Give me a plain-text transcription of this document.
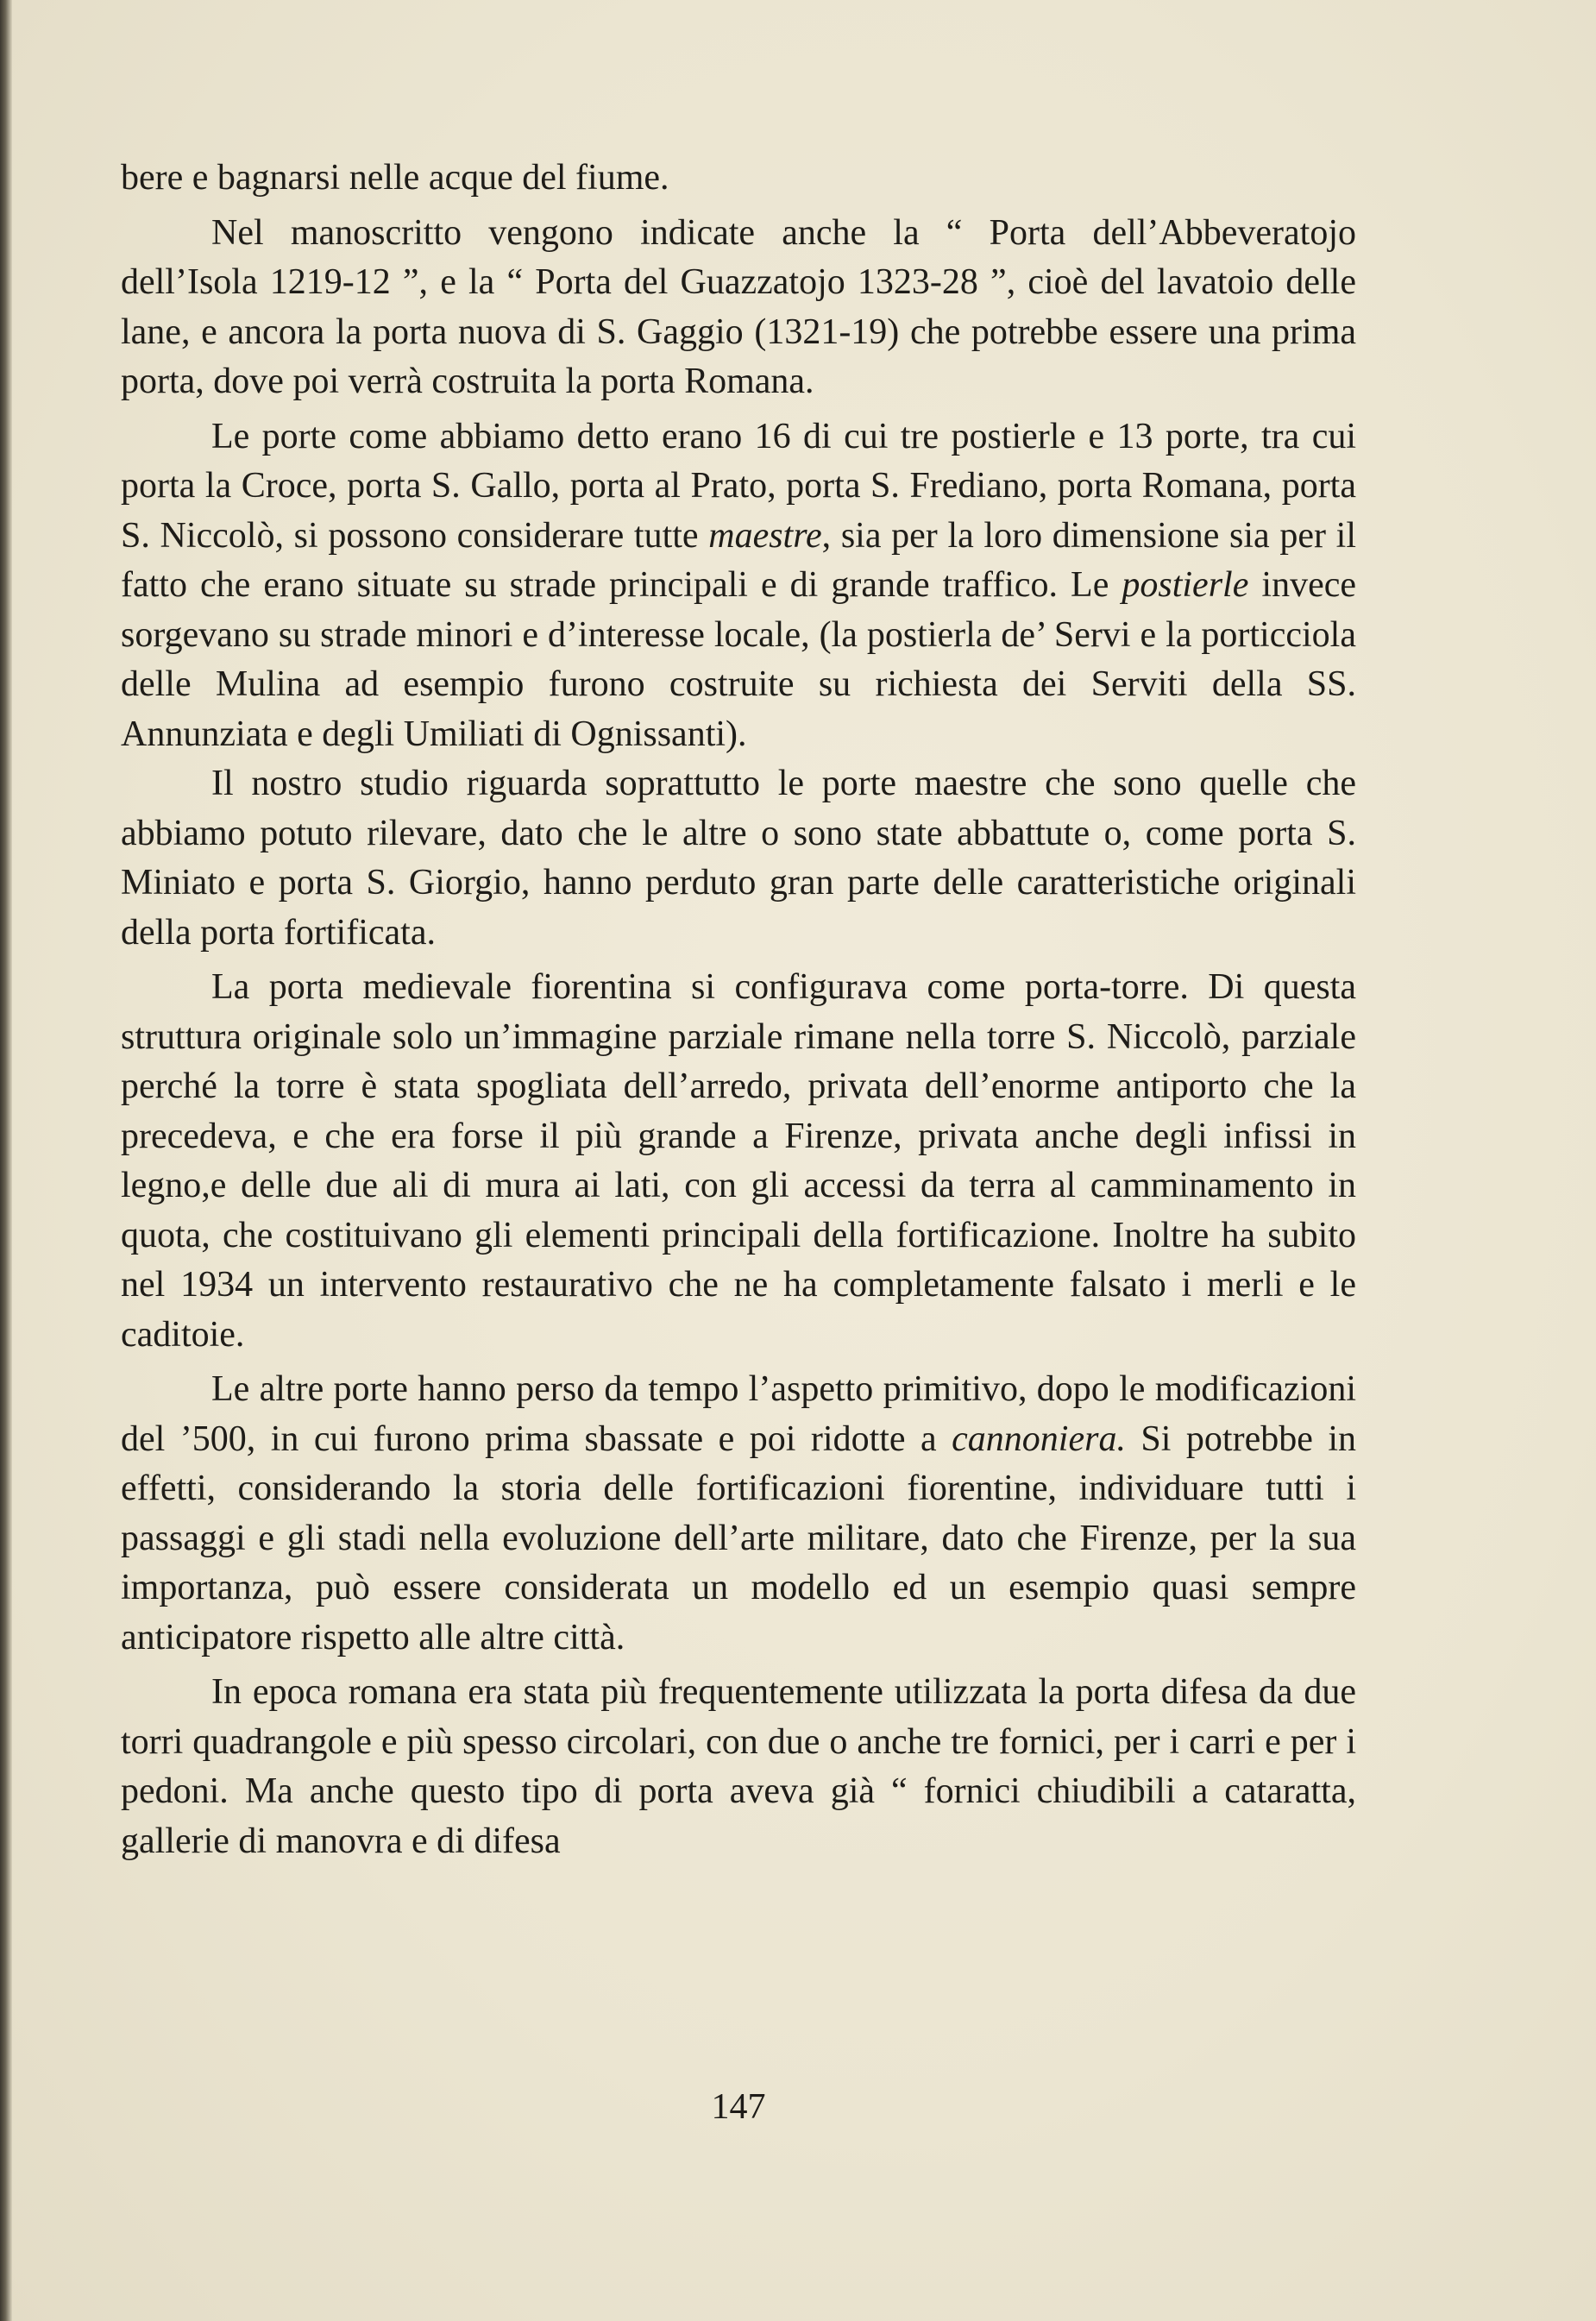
bere e bagnarsi nelle acque del fiume.

Nel manoscritto vengono indicate anche la “ Porta dell’Abbeveratojo dell’Isola 1219-12 ”, e la “ Porta del Guazzatojo 1323-28 ”, cioè del lavatoio delle lane, e ancora la porta nuova di S. Gaggio (1321-19) che potrebbe essere una prima porta, dove poi verrà costruita la porta Romana.

Le porte come abbiamo detto erano 16 di cui tre postierle e 13 porte, tra cui porta la Croce, porta S. Gallo, porta al Prato, porta S. Frediano, porta Romana, porta S. Niccolò, si possono considerare tutte maestre, sia per la loro dimensione sia per il fatto che erano situate su strade principali e di grande traffico. Le postierle invece sorgevano su strade minori e d’interesse locale, (la postierla de’ Servi e la porticciola delle Mulina ad esempio furono costruite su richiesta dei Serviti della SS. Annunziata e degli Umiliati di Ognissanti).

Il nostro studio riguarda soprattutto le porte maestre che sono quelle che abbiamo potuto rilevare, dato che le altre o sono state abbattute o, come porta S. Miniato e porta S. Giorgio, hanno perduto gran parte delle caratteristiche originali della porta fortificata.

La porta medievale fiorentina si configurava come porta-torre. Di questa struttura originale solo un’immagine parziale rimane nella torre S. Niccolò, parziale perché la torre è stata spogliata dell’arredo, privata dell’enorme antiporto che la precedeva, e che era forse il più grande a Firenze, privata anche degli infissi in legno,e delle due ali di mura ai lati, con gli accessi da terra al camminamento in quota, che costituivano gli elementi principali della fortificazione. Inoltre ha subito nel 1934 un intervento restaurativo che ne ha completamente falsato i merli e le caditoie.

Le altre porte hanno perso da tempo l’aspetto primitivo, dopo le modificazioni del ’500, in cui furono prima sbassate e poi ridotte a cannoniera. Si potrebbe in effetti, considerando la storia delle fortificazioni fiorentine, individuare tutti i passaggi e gli stadi nella evoluzione dell’arte militare, dato che Firenze, per la sua importanza, può essere considerata un modello ed un esempio quasi sempre anticipatore rispetto alle altre città.

In epoca romana era stata più frequentemente utilizzata la porta difesa da due torri quadrangole e più spesso circolari, con due o anche tre fornici, per i carri e per i pedoni. Ma anche questo tipo di porta aveva già “ fornici chiudibili a cataratta, gallerie di manovra e di difesa

147
